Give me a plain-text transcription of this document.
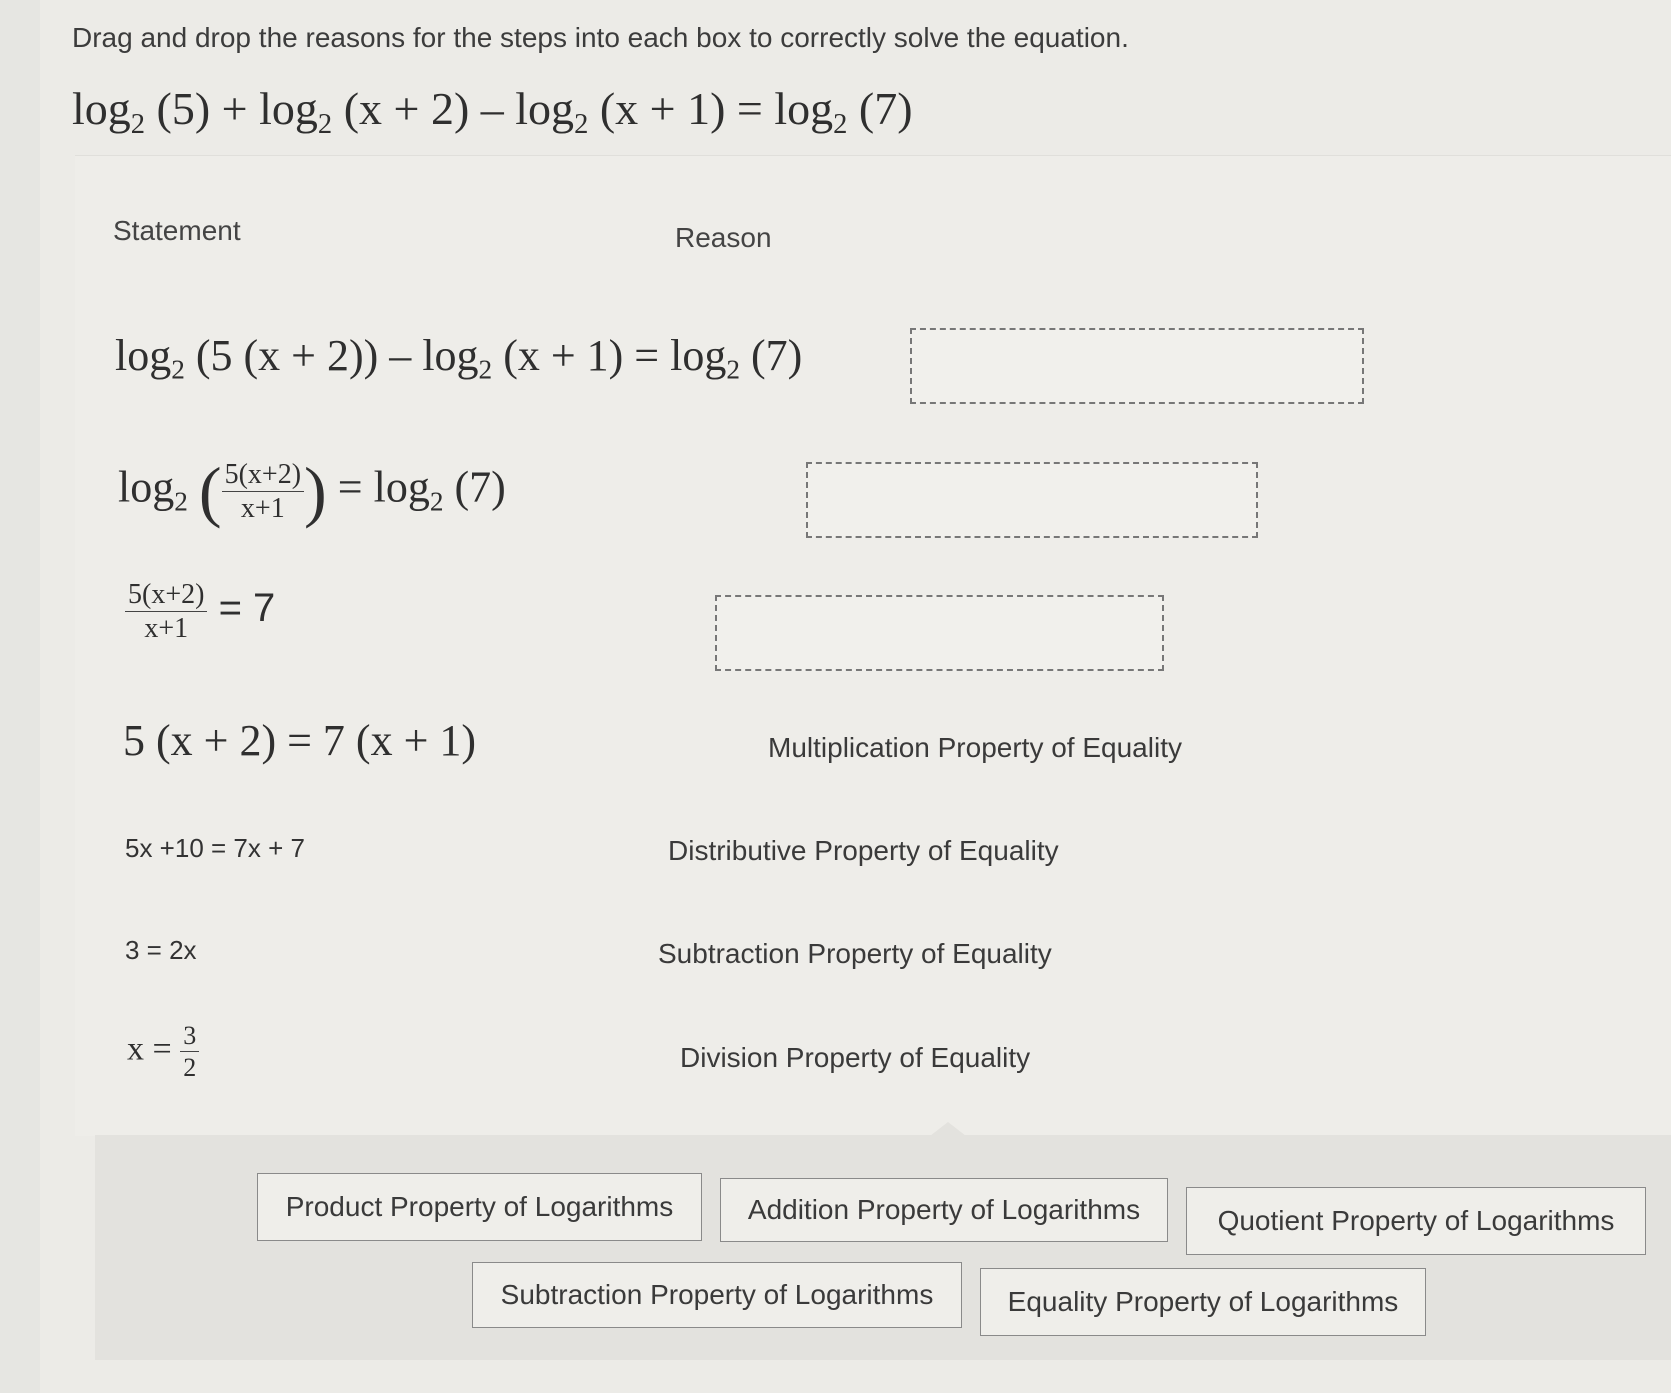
Drag and drop the reasons for the steps into each box to correctly solve the equation.
$\log_2 (5) + \log_2 (x + 2) - \log_2 (x + 1) = \log_2 (7)$
Statement	Reason
$\log_2 (5$ $(x + 2)) - \log_2 (x + 1) = \log_2 (7)$
$\log_2$ ( $\frac{5(x+2)}{x+1}$ ) = $\log_2 (7)$
$\frac{5(x+2)}{x+1} = 7$
5 (x + 2) = 7 (x + 1)	Multiplication Property of Equality
5x +10 = 7x + 7	Distributive Property of Equality
3 = 2x	Subtraction Property of Equality
$x = \frac{3}{2}$	Division Property of Equality
Product Property of Logarithms	Addition Property of Logarithms	Quotient Property of Logarithms
Subtraction Property of Logarithms	Equality Property of Logarithms
